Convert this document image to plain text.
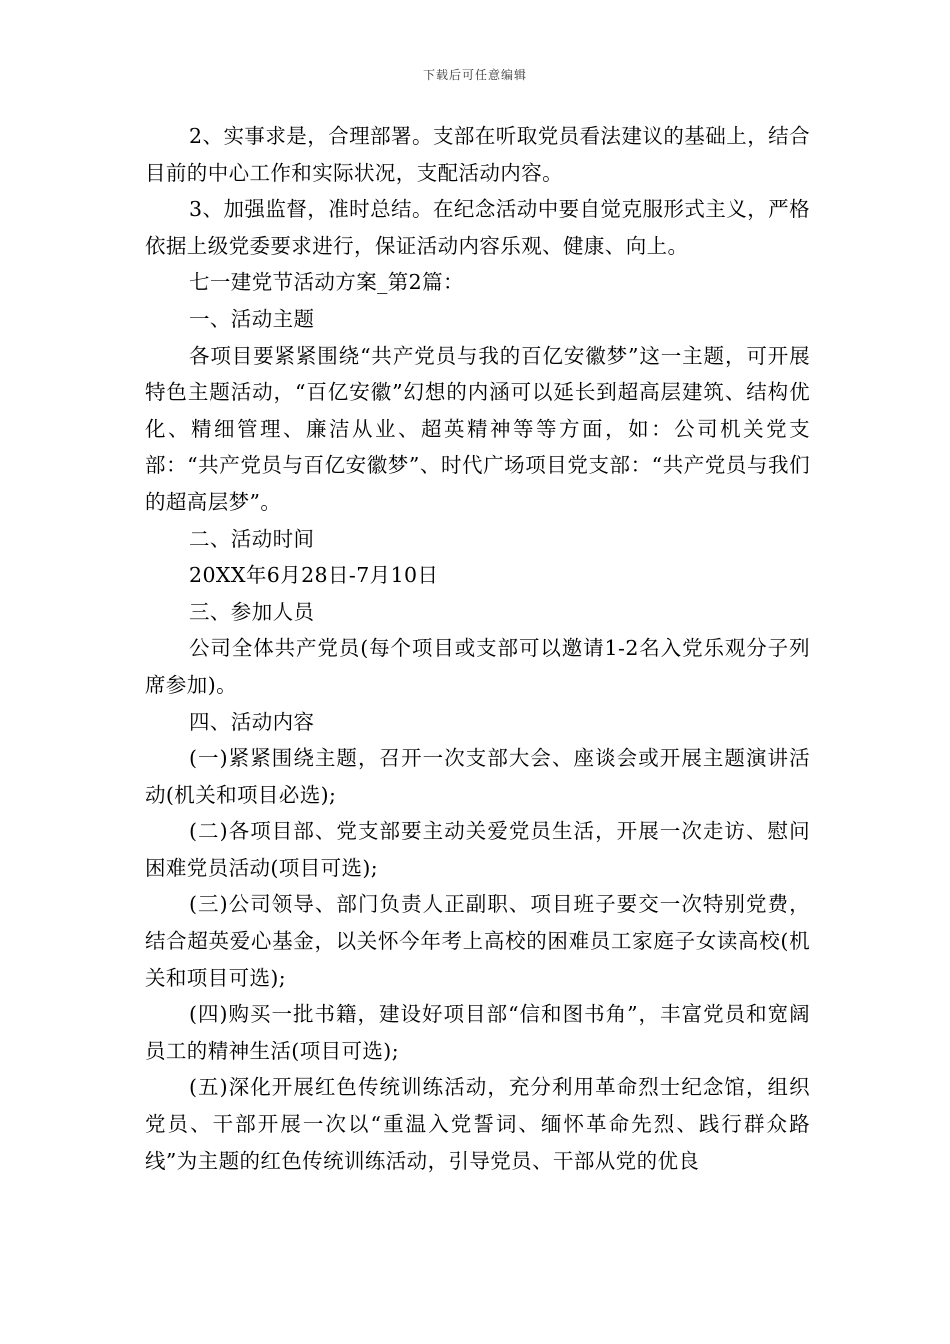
下载后可任意编辑

2、实事求是，合理部署。支部在听取党员看法建议的基础上，结合目前的中心工作和实际状况，支配活动内容。

3、加强监督，准时总结。在纪念活动中要自觉克服形式主义，严格依据上级党委要求进行，保证活动内容乐观、健康、向上。

七一建党节活动方案_第2篇：

一、活动主题

各项目要紧紧围绕“共产党员与我的百亿安徽梦”这一主题，可开展特色主题活动，“百亿安徽”幻想的内涵可以延长到超高层建筑、结构优化、精细管理、廉洁从业、超英精神等等方面，如：公司机关党支部：“共产党员与百亿安徽梦”、时代广场项目党支部：“共产党员与我们的超高层梦”。

二、活动时间

20XX年6月28日-7月10日

三、参加人员

公司全体共产党员(每个项目或支部可以邀请1-2名入党乐观分子列席参加)。

四、活动内容

(一)紧紧围绕主题，召开一次支部大会、座谈会或开展主题演讲活动(机关和项目必选);

(二)各项目部、党支部要主动关爱党员生活，开展一次走访、慰问困难党员活动(项目可选);

(三)公司领导、部门负责人正副职、项目班子要交一次特别党费，结合超英爱心基金，以关怀今年考上高校的困难员工家庭子女读高校(机关和项目可选);

(四)购买一批书籍，建设好项目部“信和图书角”，丰富党员和宽阔员工的精神生活(项目可选);

(五)深化开展红色传统训练活动，充分利用革命烈士纪念馆，组织党员、干部开展一次以“重温入党誓词、缅怀革命先烈、践行群众路线”为主题的红色传统训练活动，引导党员、干部从党的优良
